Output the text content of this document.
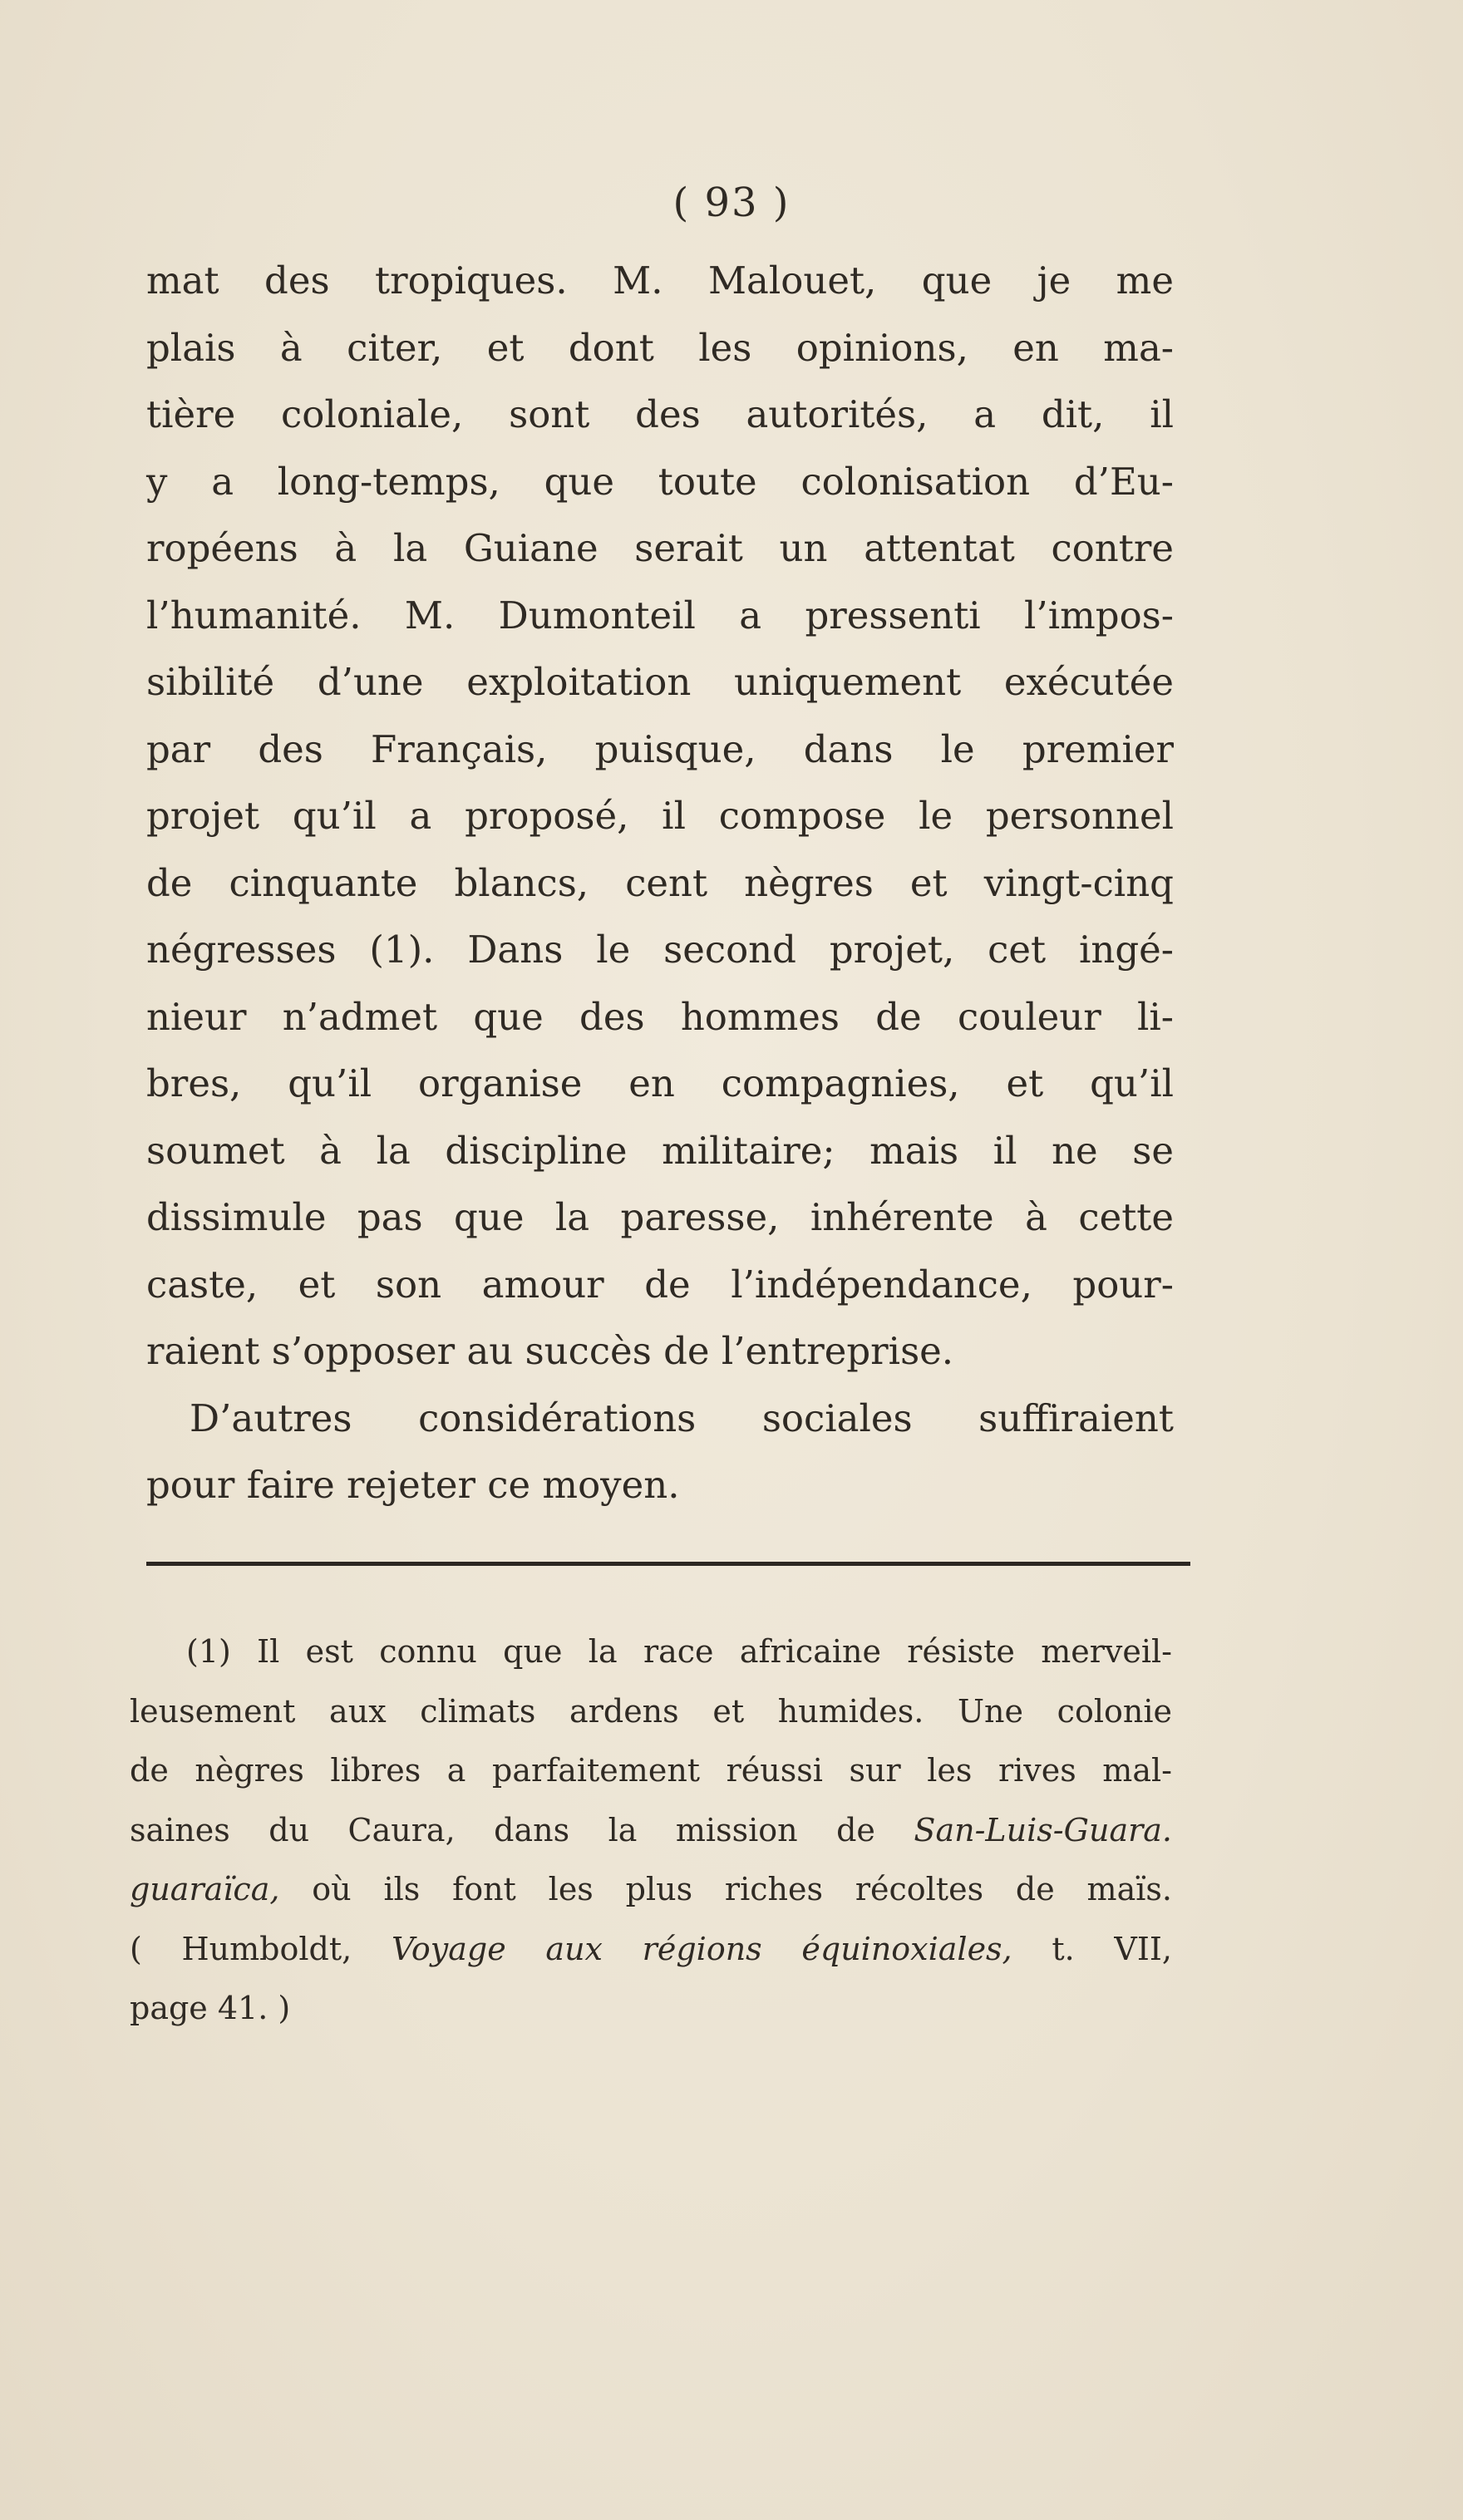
( 93 )
mat des tropiques. M. Malouet, que je me
plais à citer, et dont les opinions, en ma-
tière coloniale, sont des autorités, a dit, il
y a long-temps, que toute colonisation d’Eu-
ropéens à la Guiane serait un attentat contre
l’humanité. M. Dumonteil a pressenti l’impos-
sibilité d’une exploitation uniquement exécutée
par des Français, puisque, dans le premier
projet qu’il a proposé, il compose le personnel
de cinquante blancs, cent nègres et vingt-cinq
négresses (1). Dans le second projet, cet ingé-
nieur n’admet que des hommes de couleur li-
bres, qu’il organise en compagnies, et qu’il
soumet à la discipline militaire; mais il ne se
dissimule pas que la paresse, inhérente à cette
caste, et son amour de l’indépendance, pour-
raient s’opposer au succès de l’entreprise.
D’autres considérations sociales suffiraient
pour faire rejeter ce moyen.
(1) Il est connu que la race africaine résiste merveil-
leusement aux climats ardens et humides. Une colonie
de nègres libres a parfaitement réussi sur les rives mal-
saines du Caura, dans la mission de San-Luis-Guara.
guaraïca, où ils font les plus riches récoltes de maïs.
( Humboldt, Voyage aux régions équinoxiales, t. VII,
page 41. )
